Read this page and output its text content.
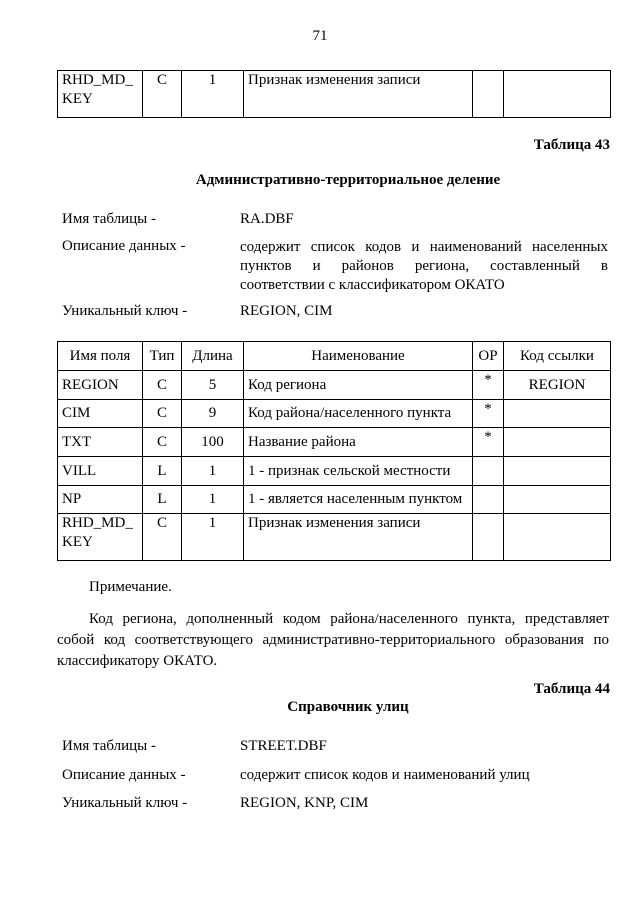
71
RHD_MD_
KEY	C	1	Признак изменения записи		
Таблица 43
Административно-территориальное деление
Имя таблицы -	RA.DBF
Описание данных -	содержит список кодов и наименований населенных пунктов и районов региона, составленный в соответствии с классификатором ОКАТО
Уникальный ключ -	REGION, CIM
Имя поля	Тип	Длина	Наименование	OP	Код ссылки
REGION	C	5	Код региона	*	REGION
CIM	C	9	Код района/населенного пункта	*	
TXT	C	100	Название района	*	
VILL	L	1	1 - признак сельской местности		
NP	L	1	1 - является населенным пунктом		
RHD_MD_
KEY	C	1	Признак изменения записи		
Примечание.
Код региона, дополненный кодом района/населенного пункта, представляет собой код соответствующего административно-территориального образования по классификатору ОКАТО.
Таблица 44
Справочник улиц
Имя таблицы -	STREET.DBF
Описание данных -	содержит список кодов и наименований улиц
Уникальный ключ -	REGION, KNP, CIM
